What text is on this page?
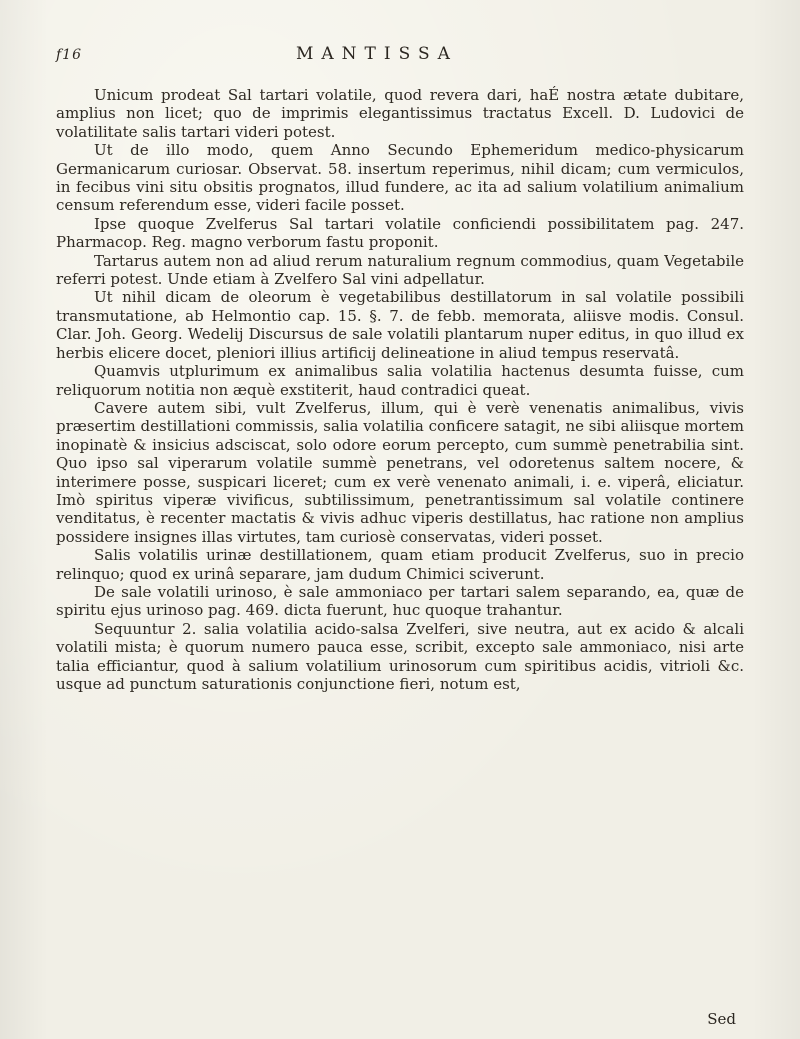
f16	MANTISSA

Unicum prodeat Sal tartari volatile, quod revera dari, haÉ nostra ætate dubitare, amplius non licet; quo de imprimis elegantissimus tractatus Excell. D. Ludovici de volatilitate salis tartari videri potest.

Ut de illo modo, quem Anno Secundo Ephemeridum medico-physicarum Germanicarum curiosar. Observat. 58. insertum reperimus, nihil dicam; cum vermiculos, in fecibus vini situ obsitis prognatos, illud fundere, ac ita ad salium volatilium animalium censum referendum esse, videri facile posset.

Ipse quoque Zvelferus Sal tartari volatile conficiendi possibilitatem pag. 247. Pharmacop. Reg. magno verborum fastu proponit.

Tartarus autem non ad aliud rerum naturalium regnum commodius, quam Vegetabile referri potest. Unde etiam à Zvelfero Sal vini adpellatur.

Ut nihil dicam de oleorum è vegetabilibus destillatorum in sal volatile possibili transmutatione, ab Helmontio cap. 15. §. 7. de febb. memorata, aliisve modis. Consul. Clar. Joh. Georg. Wedelij Discursus de sale volatili plantarum nuper editus, in quo illud ex herbis elicere docet, pleniori illius artificij delineatione in aliud tempus reservatâ.

Quamvis utplurimum ex animalibus salia volatilia hactenus desumta fuisse, cum reliquorum notitia non æquè exstiterit, haud contradici queat.

Cavere autem sibi, vult Zvelferus, illum, qui è verè venenatis animalibus, vivis præsertim destillationi commissis, salia volatilia conficere satagit, ne sibi aliisque mortem inopinatè & insicius adsciscat, solo odore eorum percepto, cum summè penetrabilia sint. Quo ipso sal viperarum volatile summè penetrans, vel odoretenus saltem nocere, & interimere posse, suspicari liceret; cum ex verè venenato animali, i. e. viperâ, eliciatur. Imò spiritus viperæ vivificus, subtilissimum, penetrantissimum sal volatile continere venditatus, è recenter mactatis & vivis adhuc viperis destillatus, hac ratione non amplius possidere insignes illas virtutes, tam curiosè conservatas, videri posset.

Salis volatilis urinæ destillationem, quam etiam producit Zvelferus, suo in precio relinquo; quod ex urinâ separare, jam dudum Chimici sciverunt.

De sale volatili urinoso, è sale ammoniaco per tartari salem separando, ea, quæ de spiritu ejus urinoso pag. 469. dicta fuerunt, huc quoque trahantur.

Sequuntur 2. salia volatilia acido-salsa Zvelferi, sive neutra, aut ex acido & alcali volatili mista; è quorum numero pauca esse, scribit, excepto sale ammoniaco, nisi arte talia efficiantur, quod à salium volatilium urinosorum cum spiritibus acidis, vitrioli &c. usque ad punctum saturationis conjunctione fieri, notum est,

Sed
